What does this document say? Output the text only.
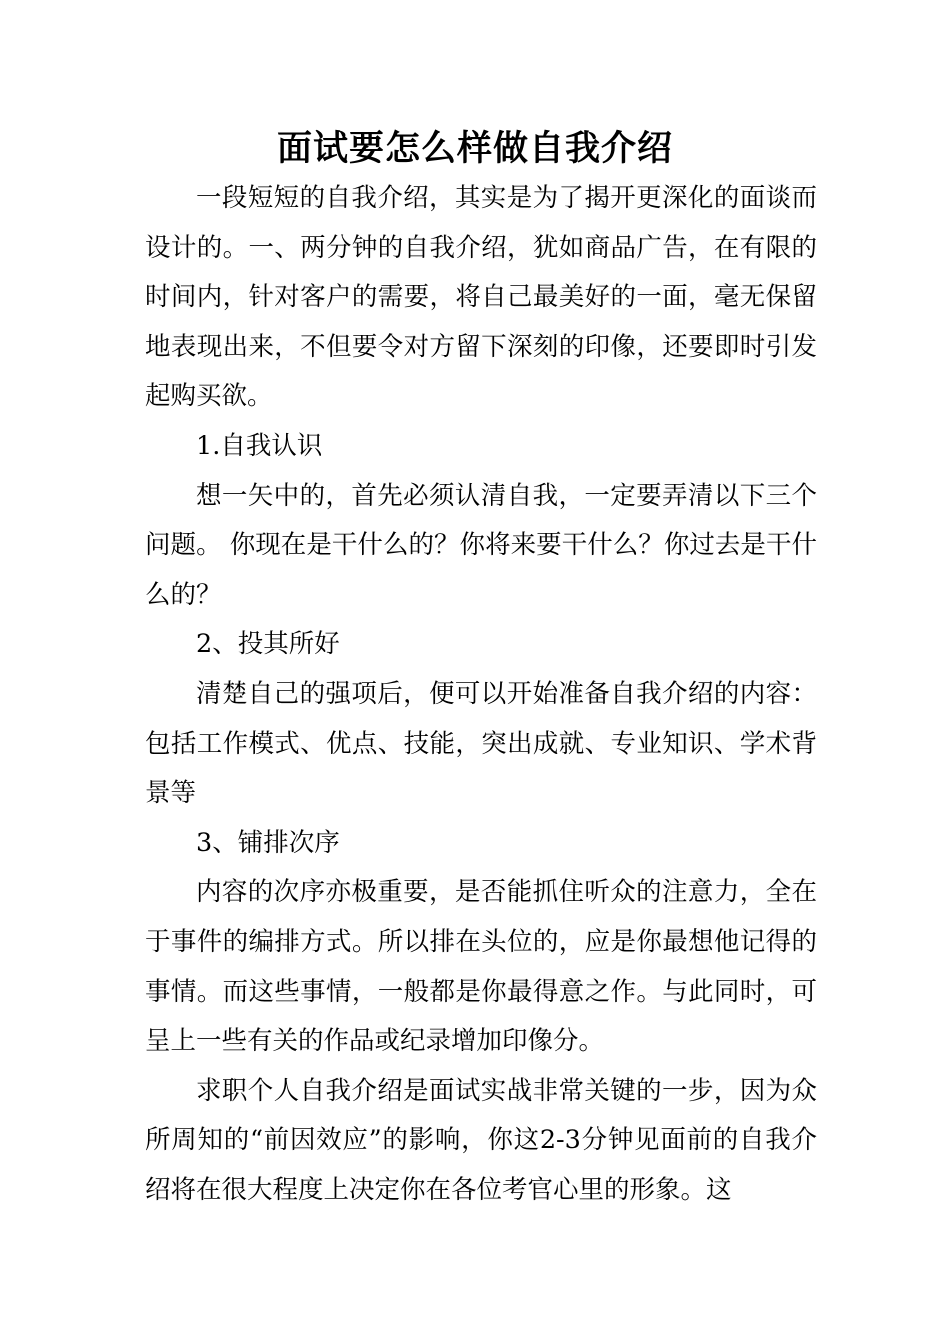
面试要怎么样做自我介绍

一段短短的自我介绍，其实是为了揭开更深化的面谈而设计的。一、两分钟的自我介绍，犹如商品广告，在有限的时间内，针对客户的需要，将自己最美好的一面，毫无保留地表现出来，不但要令对方留下深刻的印像，还要即时引发起购买欲。

1.自我认识

想一矢中的，首先必须认清自我，一定要弄清以下三个问题。 你现在是干什么的？你将来要干什么？你过去是干什么的？

2、投其所好

清楚自己的强项后，便可以开始准备自我介绍的内容：包括工作模式、优点、技能，突出成就、专业知识、学术背景等

3、铺排次序

内容的次序亦极重要，是否能抓住听众的注意力，全在于事件的编排方式。所以排在头位的，应是你最想他记得的事情。而这些事情，一般都是你最得意之作。与此同时，可呈上一些有关的作品或纪录增加印像分。

求职个人自我介绍是面试实战非常关键的一步，因为众所周知的“前因效应”的影响，你这2-3分钟见面前的自我介绍将在很大程度上决定你在各位考官心里的形象。这
